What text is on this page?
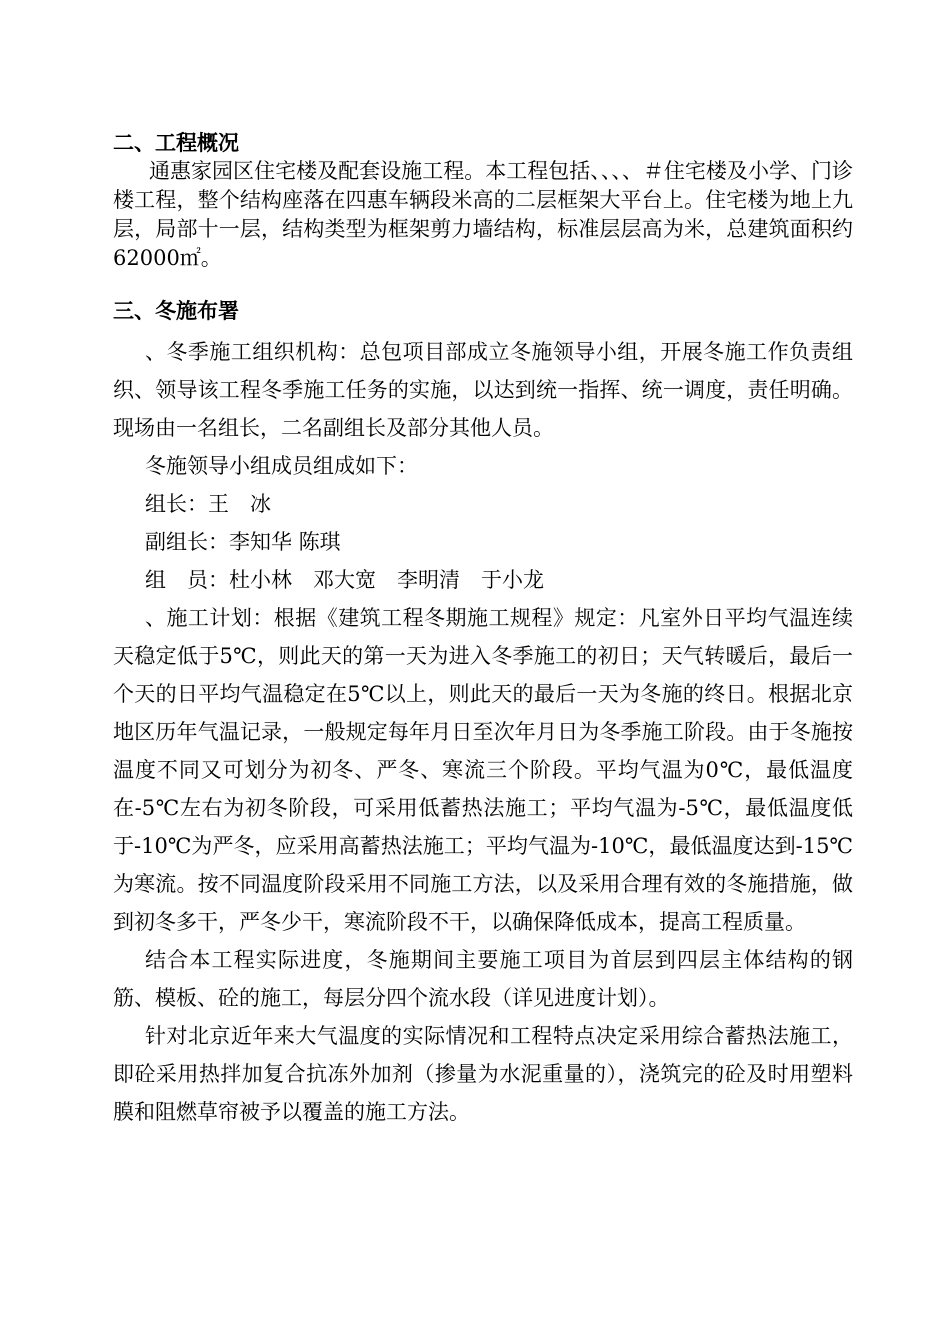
二、工程概况

通惠家园区住宅楼及配套设施工程。本工程包括、、、、＃住宅楼及小学、门诊楼工程，整个结构座落在四惠车辆段米高的二层框架大平台上。住宅楼为地上九层，局部十一层，结构类型为框架剪力墙结构，标准层层高为米，总建筑面积约62000㎡。

三、冬施布署

、冬季施工组织机构：总包项目部成立冬施领导小组，开展冬施工作负责组织、领导该工程冬季施工任务的实施，以达到统一指挥、统一调度，责任明确。现场由一名组长，二名副组长及部分其他人员。

冬施领导小组成员组成如下：

组长：王　冰

副组长：李知华 陈琪

组　员：杜小林　邓大宽　李明清　于小龙

、施工计划：根据《建筑工程冬期施工规程》规定：凡室外日平均气温连续天稳定低于5℃，则此天的第一天为进入冬季施工的初日；天气转暖后，最后一个天的日平均气温稳定在5℃以上，则此天的最后一天为冬施的终日。根据北京地区历年气温记录，一般规定每年月日至次年月日为冬季施工阶段。由于冬施按温度不同又可划分为初冬、严冬、寒流三个阶段。平均气温为0℃，最低温度在-5℃左右为初冬阶段，可采用低蓄热法施工；平均气温为-5℃，最低温度低于-10℃为严冬，应采用高蓄热法施工；平均气温为-10℃，最低温度达到-15℃为寒流。按不同温度阶段采用不同施工方法，以及采用合理有效的冬施措施，做到初冬多干，严冬少干，寒流阶段不干，以确保降低成本，提高工程质量。

结合本工程实际进度，冬施期间主要施工项目为首层到四层主体结构的钢筋、模板、砼的施工，每层分四个流水段（详见进度计划）。

针对北京近年来大气温度的实际情况和工程特点决定采用综合蓄热法施工，即砼采用热拌加复合抗冻外加剂（掺量为水泥重量的），浇筑完的砼及时用塑料膜和阻燃草帘被予以覆盖的施工方法。
